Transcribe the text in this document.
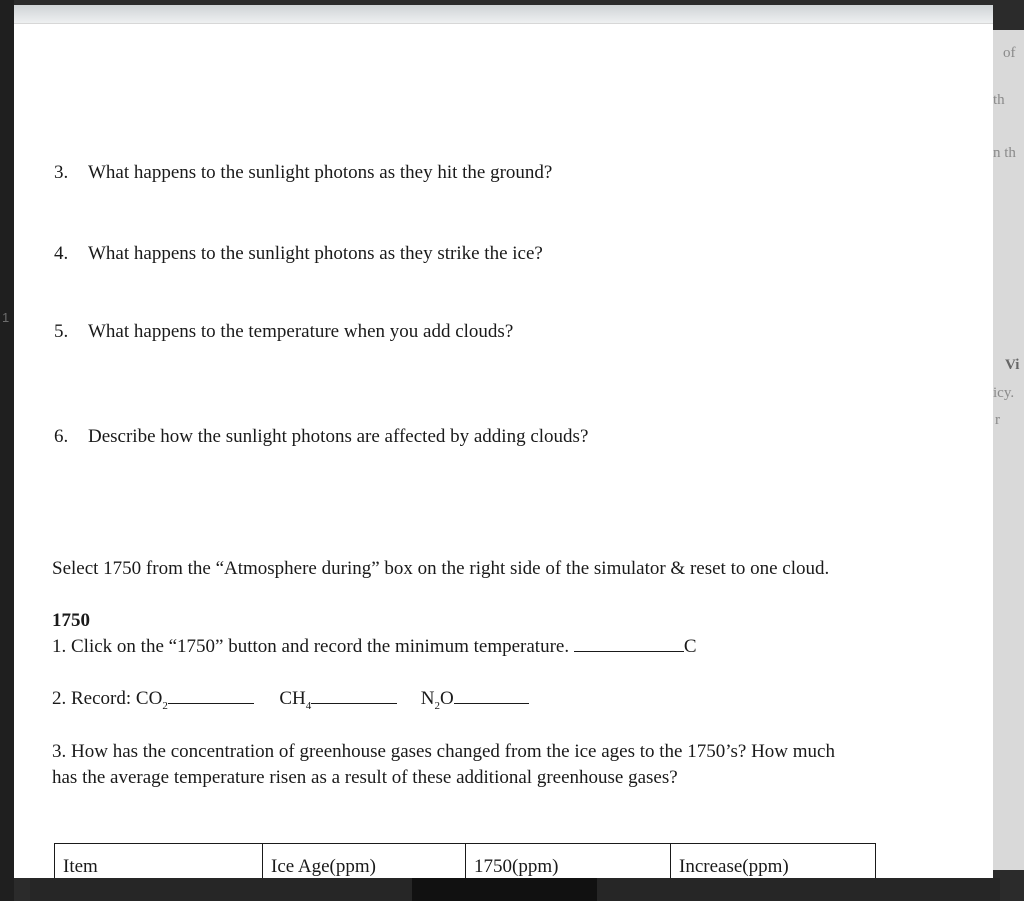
1
of
th
n th
Vi
icy.
r
3. What happens to the sunlight photons as they hit the ground?
4. What happens to the sunlight photons as they strike the ice?
5. What happens to the temperature when you add clouds?
6. Describe how the sunlight photons are affected by adding clouds?
Select 1750 from the “Atmosphere during” box on the right side of the simulator & reset to one cloud.
1750
1. Click on the “1750” button and record the minimum temperature.	C
2. Record: $CO_2$	$CH_4$	$N_2O$
3. How has the concentration of greenhouse gases changed from the ice ages to the 1750’s? How much has the average temperature risen as a result of these additional greenhouse gases?
Item	Ice Age(ppm)	1750(ppm)	Increase(ppm)
